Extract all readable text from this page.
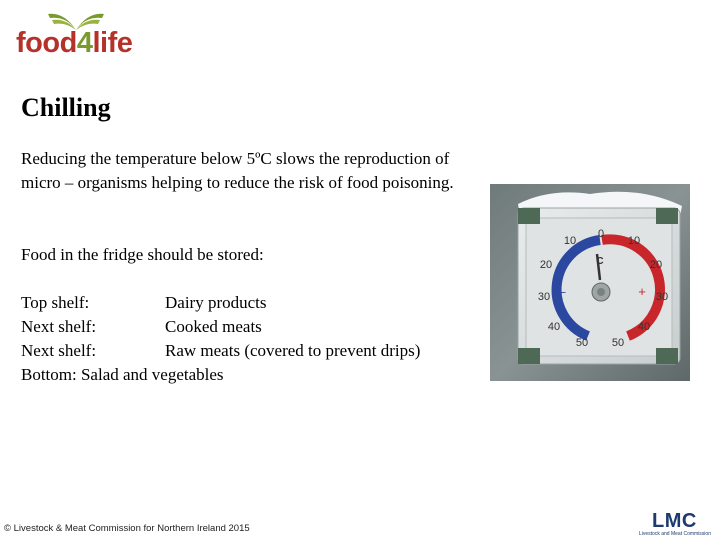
food4life
Chilling

Reducing the temperature below 5ºC slows the reproduction of micro – organisms helping to reduce the risk of food poisoning.

Food in the fridge should be stored:

Top shelf:	Dairy products
Next shelf:	Cooked meats
Next shelf:	Raw meats (covered to prevent drips)
Bottom: Salad and vegetables
10
0
10
C
20
30
40
50
20
30
40
50
–	+
© Livestock & Meat Commission for Northern Ireland 2015	LMC
Livestock and Meat Commission
